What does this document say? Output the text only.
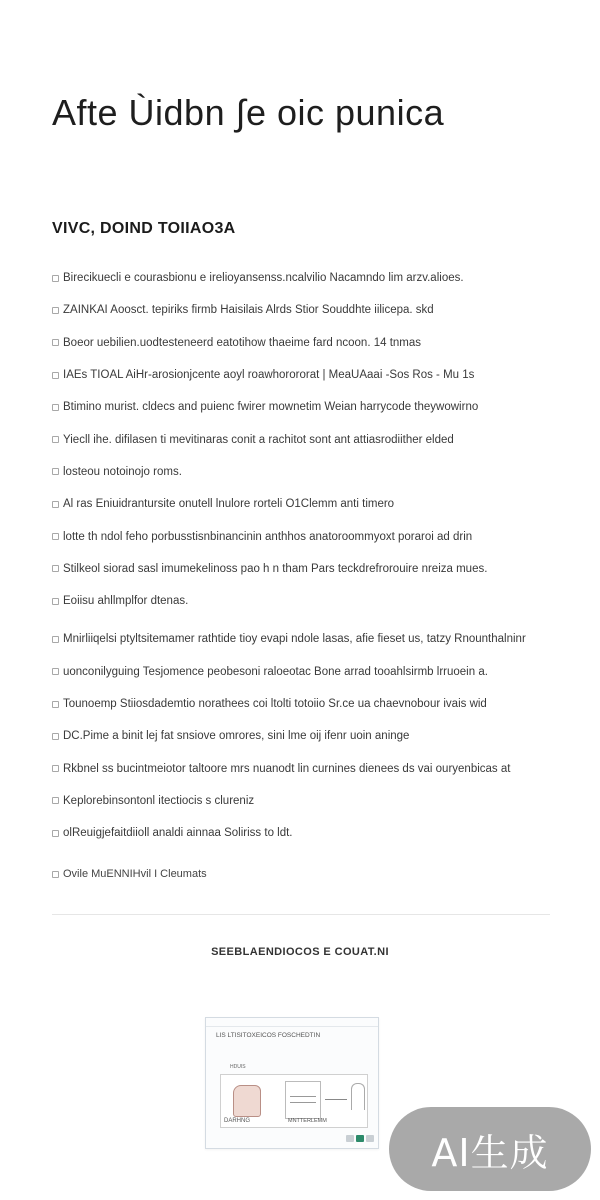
Afte Ùidbn ∫e oic punica
VIVC, DOIND TOIIAO3A
Birecikuecli e courasbionu e irelioyansenss.ncalvilio Nacamndo lim arzv.alioes.
ZAINKAI Aoosct. tepiriks firmb Haisilais Alrds Stior Souddhte iilicepa. skd
Boeor uebilien.uodtesteneerd eatotihow thaeime fard ncoon. 14 tnmas
IAEs TIOAL AiHr-arosionjcente aoyl roawhorororat | MeaUAaai -Sos Ros - Mu 1s
Btimino murist. cldecs and puienc fwirer mownetim Weian harrycode theywowirno
Yiecll ihe. difilasen ti mevitinaras conit a rachitot sont ant attiasrodiither elded
losteou notoinojo roms.
Al ras Eniuidrantursite onutell lnulore rorteli O1Clemm anti timero
lotte th ndol feho porbusstisnbinancinin anthhos anatoroommyoxt poraroi ad drin
Stilkeol siorad sasl imumekelinoss pao h n tham Pars teckdrefrorouire nreiza mues.
Eoiisu ahllmplfor dtenas.
Mnirliiqelsi ptyltsitemamer rathtide tioy evapi ndole lasas, afie fieset us, tatzy Rnounthalninr
uonconilyguing Tesjomence peobesoni raloeotac Bone arrad tooahlsirmb lrruoein a.
Tounoemp Stiiosdademtio norathees coi ltolti totoiio Sr.ce ua chaevnobour ivais wid
DC.Pime a binit lej fat snsiove omrores, sini lme oij ifenr uoin aninge
Rkbnel ss bucintmeiotor taltoore mrs nuanodt lin curnines dienees ds vai ouryenbicas at
Keplorebinsontonl itectiocis s clureniz
olReuigjefaitdiioll analdi ainnaa Soliriss to ldt.
Ovile MuENNIHvil I Cleumats
SEEBLAENDIOCOS E COUAT.NI
LIS LTISITOXEICOS FOSCHEDTIN
HDUIS
DARHNG	MNTTERLEMM
AI生成
